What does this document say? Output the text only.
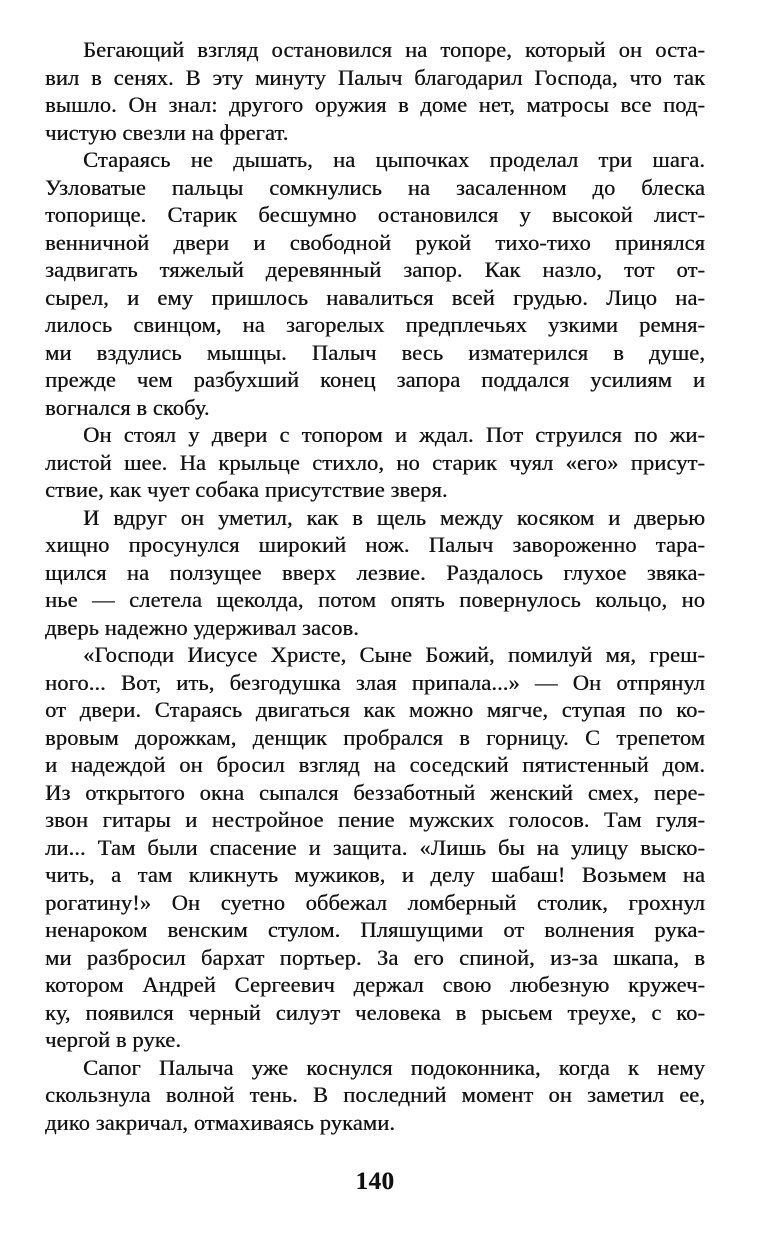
Бегающий взгляд остановился на топоре, который он оста-
вил в сенях. В эту минуту Палыч благодарил Господа, что так
вышло. Он знал: другого оружия в доме нет, матросы все под-
чистую свезли на фрегат.
Стараясь не дышать, на цыпочках проделал три шага.
Узловатые пальцы сомкнулись на засаленном до блеска
топорище. Старик бесшумно остановился у высокой лист-
венничной двери и свободной рукой тихо-тихо принялся
задвигать тяжелый деревянный запор. Как назло, тот от-
сырел, и ему пришлось навалиться всей грудью. Лицо на-
лилось свинцом, на загорелых предплечьях узкими ремня-
ми вздулись мышцы. Палыч весь изматерился в душе,
прежде чем разбухший конец запора поддался усилиям и
вогнался в скобу.
Он стоял у двери с топором и ждал. Пот струился по жи-
листой шее. На крыльце стихло, но старик чуял «его» присут-
ствие, как чует собака присутствие зверя.
И вдруг он уметил, как в щель между косяком и дверью
хищно просунулся широкий нож. Палыч завороженно тара-
щился на ползущее вверх лезвие. Раздалось глухое звяка-
нье — слетела щеколда, потом опять повернулось кольцо, но
дверь надежно удерживал засов.
«Господи Иисусе Христе, Сыне Божий, помилуй мя, греш-
ного... Вот, ить, безгодушка злая припала...» — Он отпрянул
от двери. Стараясь двигаться как можно мягче, ступая по ко-
вровым дорожкам, денщик пробрался в горницу. С трепетом
и надеждой он бросил взгляд на соседский пятистенный дом.
Из открытого окна сыпался беззаботный женский смех, пере-
звон гитары и нестройное пение мужских голосов. Там гуля-
ли... Там были спасение и защита. «Лишь бы на улицу выско-
чить, а там кликнуть мужиков, и делу шабаш! Возьмем на
рогатину!» Он суетно оббежал ломберный столик, грохнул
ненароком венским стулом. Пляшущими от волнения рука-
ми разбросил бархат портьер. За его спиной, из-за шкапа, в
котором Андрей Сергеевич держал свою любезную кружеч-
ку, появился черный силуэт человека в рысьем треухе, с ко-
чергой в руке.
Сапог Палыча уже коснулся подоконника, когда к нему
скользнула волной тень. В последний момент он заметил ее,
дико закричал, отмахиваясь руками.
140
